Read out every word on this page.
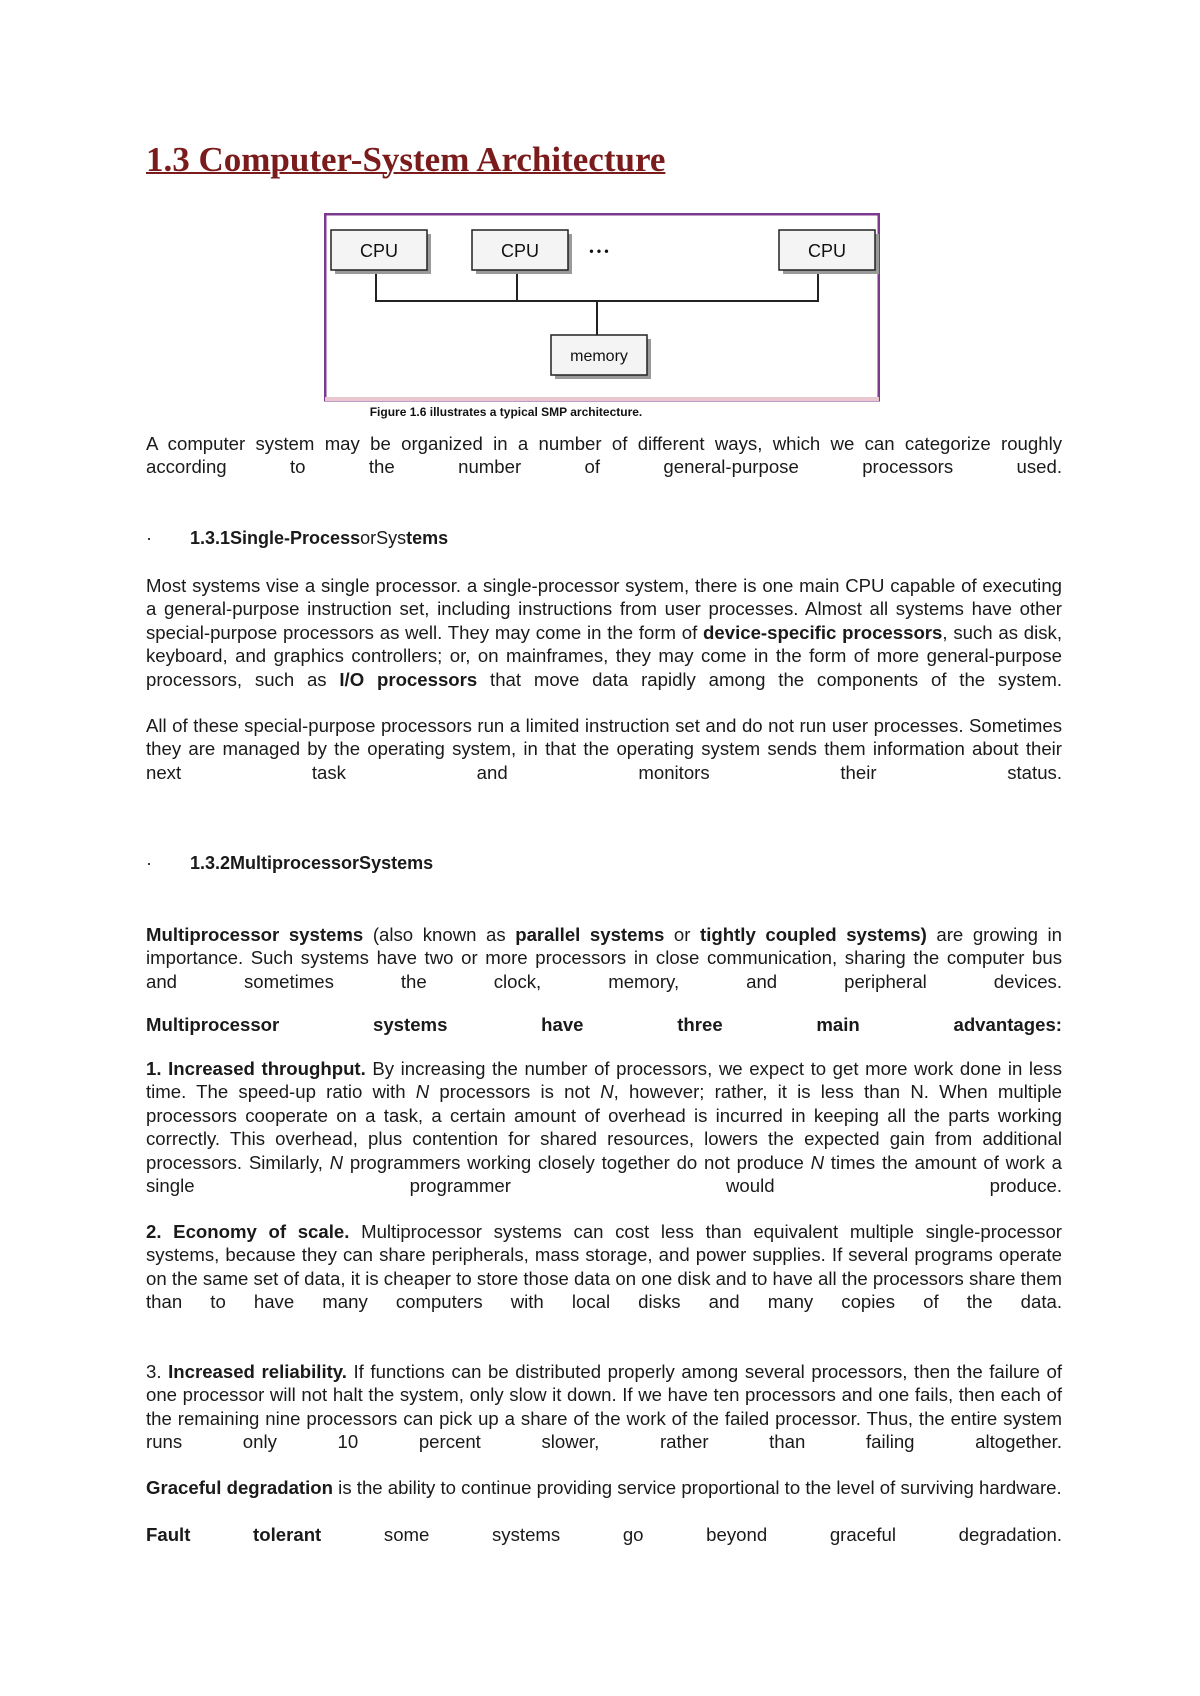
1.3 Computer-System Architecture
CPU	CPU	• • •	CPU
memory
Figure 1.6 illustrates a typical SMP architecture.

A computer system may be organized in a number of different ways, which we can categorize roughly according to the number of general-purpose processors used.

· 1.3.1Single-ProcessorSystems

Most systems vise a single processor. a single-processor system, there is one main CPU capable of executing a general-purpose instruction set, including instructions from user processes. Almost all systems have other special-purpose processors as well. They may come in the form of device-specific processors, such as disk, keyboard, and graphics controllers; or, on mainframes, they may come in the form of more general-purpose processors, such as I/O processors that move data rapidly among the components of the system.

All of these special-purpose processors run a limited instruction set and do not run user processes. Sometimes they are managed by the operating system, in that the operating system sends them information about their next task and monitors their status.

· 1.3.2MultiprocessorSystems

Multiprocessor systems (also known as parallel systems or tightly coupled systems) are growing in importance. Such systems have two or more processors in close communication, sharing the computer bus and sometimes the clock, memory, and peripheral devices.

Multiprocessor systems have three main advantages:

1. Increased throughput. By increasing the number of processors, we expect to get more work done in less time. The speed-up ratio with N processors is not N, however; rather, it is less than N. When multiple processors cooperate on a task, a certain amount of overhead is incurred in keeping all the parts working correctly. This overhead, plus contention for shared resources, lowers the expected gain from additional processors. Similarly, N programmers working closely together do not produce N times the amount of work a single programmer would produce.

2. Economy of scale. Multiprocessor systems can cost less than equivalent multiple single-processor systems, because they can share peripherals, mass storage, and power supplies. If several programs operate on the same set of data, it is cheaper to store those data on one disk and to have all the processors share them than to have many computers with local disks and many copies of the data.

3. Increased reliability. If functions can be distributed properly among several processors, then the failure of one processor will not halt the system, only slow it down. If we have ten processors and one fails, then each of the remaining nine processors can pick up a share of the work of the failed processor. Thus, the entire system runs only 10 percent slower, rather than failing altogether.

Graceful degradation is the ability to continue providing service proportional to the level of surviving hardware.

Fault tolerant some systems go beyond graceful degradation.
